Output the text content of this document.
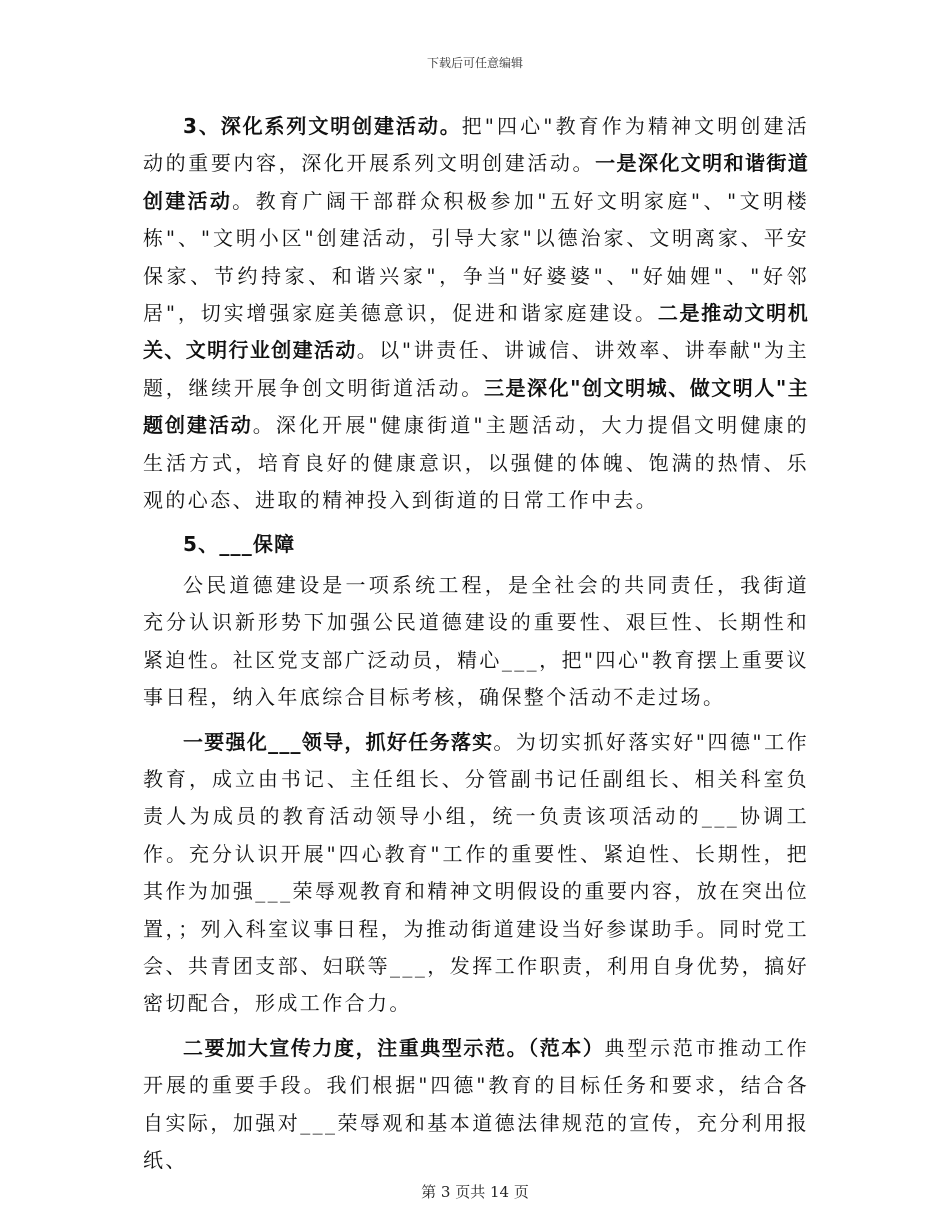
下载后可任意编辑

3、深化系列文明创建活动。把"四心"教育作为精神文明创建活动的重要内容，深化开展系列文明创建活动。一是深化文明和谐街道创建活动。教育广阔干部群众积极参加"五好文明家庭"、"文明楼栋"、"文明小区"创建活动，引导大家"以德治家、文明离家、平安保家、节约持家、和谐兴家"，争当"好婆婆"、"好妯娌"、"好邻居"，切实增强家庭美德意识，促进和谐家庭建设。二是推动文明机关、文明行业创建活动。以"讲责任、讲诚信、讲效率、讲奉献"为主题，继续开展争创文明街道活动。三是深化"创文明城、做文明人"主题创建活动。深化开展"健康街道"主题活动，大力提倡文明健康的生活方式，培育良好的健康意识，以强健的体魄、饱满的热情、乐观的心态、进取的精神投入到街道的日常工作中去。

5、___保障

公民道德建设是一项系统工程，是全社会的共同责任，我街道充分认识新形势下加强公民道德建设的重要性、艰巨性、长期性和紧迫性。社区党支部广泛动员，精心___，把"四心"教育摆上重要议事日程，纳入年底综合目标考核，确保整个活动不走过场。

一要强化___领导，抓好任务落实。为切实抓好落实好"四德"工作教育，成立由书记、主任组长、分管副书记任副组长、相关科室负责人为成员的教育活动领导小组，统一负责该项活动的___协调工作。充分认识开展"四心教育"工作的重要性、紧迫性、长期性，把其作为加强___荣辱观教育和精神文明假设的重要内容，放在突出位置，；列入科室议事日程，为推动街道建设当好参谋助手。同时党工会、共青团支部、妇联等___，发挥工作职责，利用自身优势，搞好密切配合，形成工作合力。

二要加大宣传力度，注重典型示范。（范本）典型示范市推动工作开展的重要手段。我们根据"四德"教育的目标任务和要求，结合各自实际，加强对___荣辱观和基本道德法律规范的宣传，充分利用报纸、

第 3 页共 14 页
